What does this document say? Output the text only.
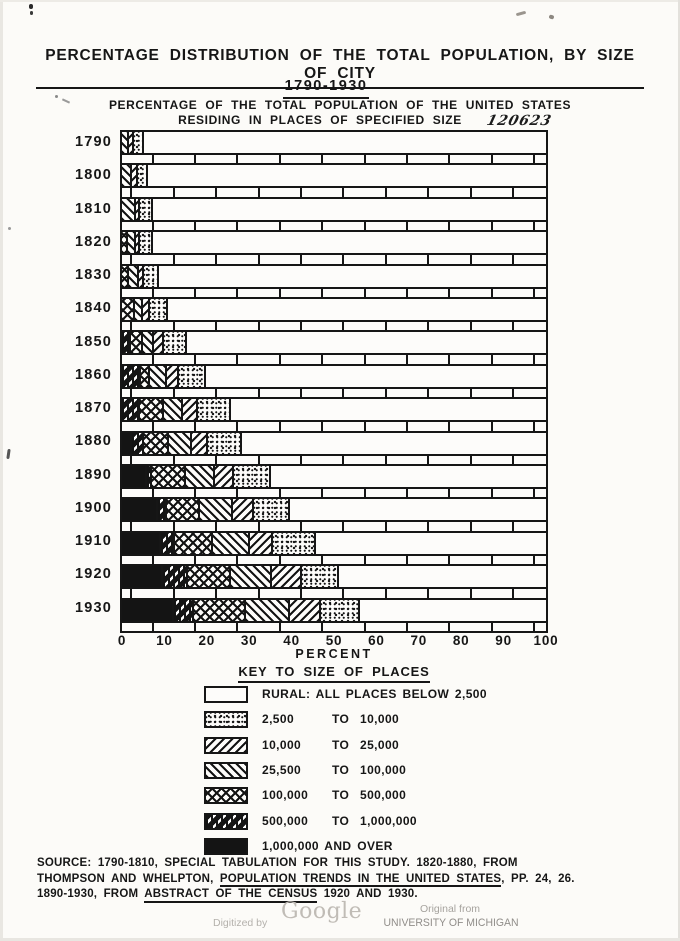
PERCENTAGE DISTRIBUTION OF THE TOTAL POPULATION, BY SIZE OF CITY
1790-1930
PERCENTAGE OF THE TOTAL POPULATION OF THE UNITED STATES
RESIDING IN PLACES OF SPECIFIED SIZE	120623
1790
1800
1810
1820
1830
1840
1850
1860
1870
1880
1890
1900
1910
1920
1930
0 10 20 30 40 50 60 70 80 90 100
PERCENT
KEY TO SIZE OF PLACES
RURAL: ALL PLACES BELOW 2,500
2,500	TO 10,000
10,000	TO 25,000
25,500	TO 100,000
100,000 TO 500,000
500,000 TO 1,000,000
1,000,000 AND OVER
SOURCE: 1790-1810, SPECIAL TABULATION FOR THIS STUDY. 1820-1880, FROM
THOMPSON AND WHELPTON, POPULATION TRENDS IN THE UNITED STATES, PP. 24, 26.
1890-1930, FROM ABSTRACT OF THE CENSUS 1920 AND 1930.
Digitized by Google	Original from
UNIVERSITY OF MICHIGAN
